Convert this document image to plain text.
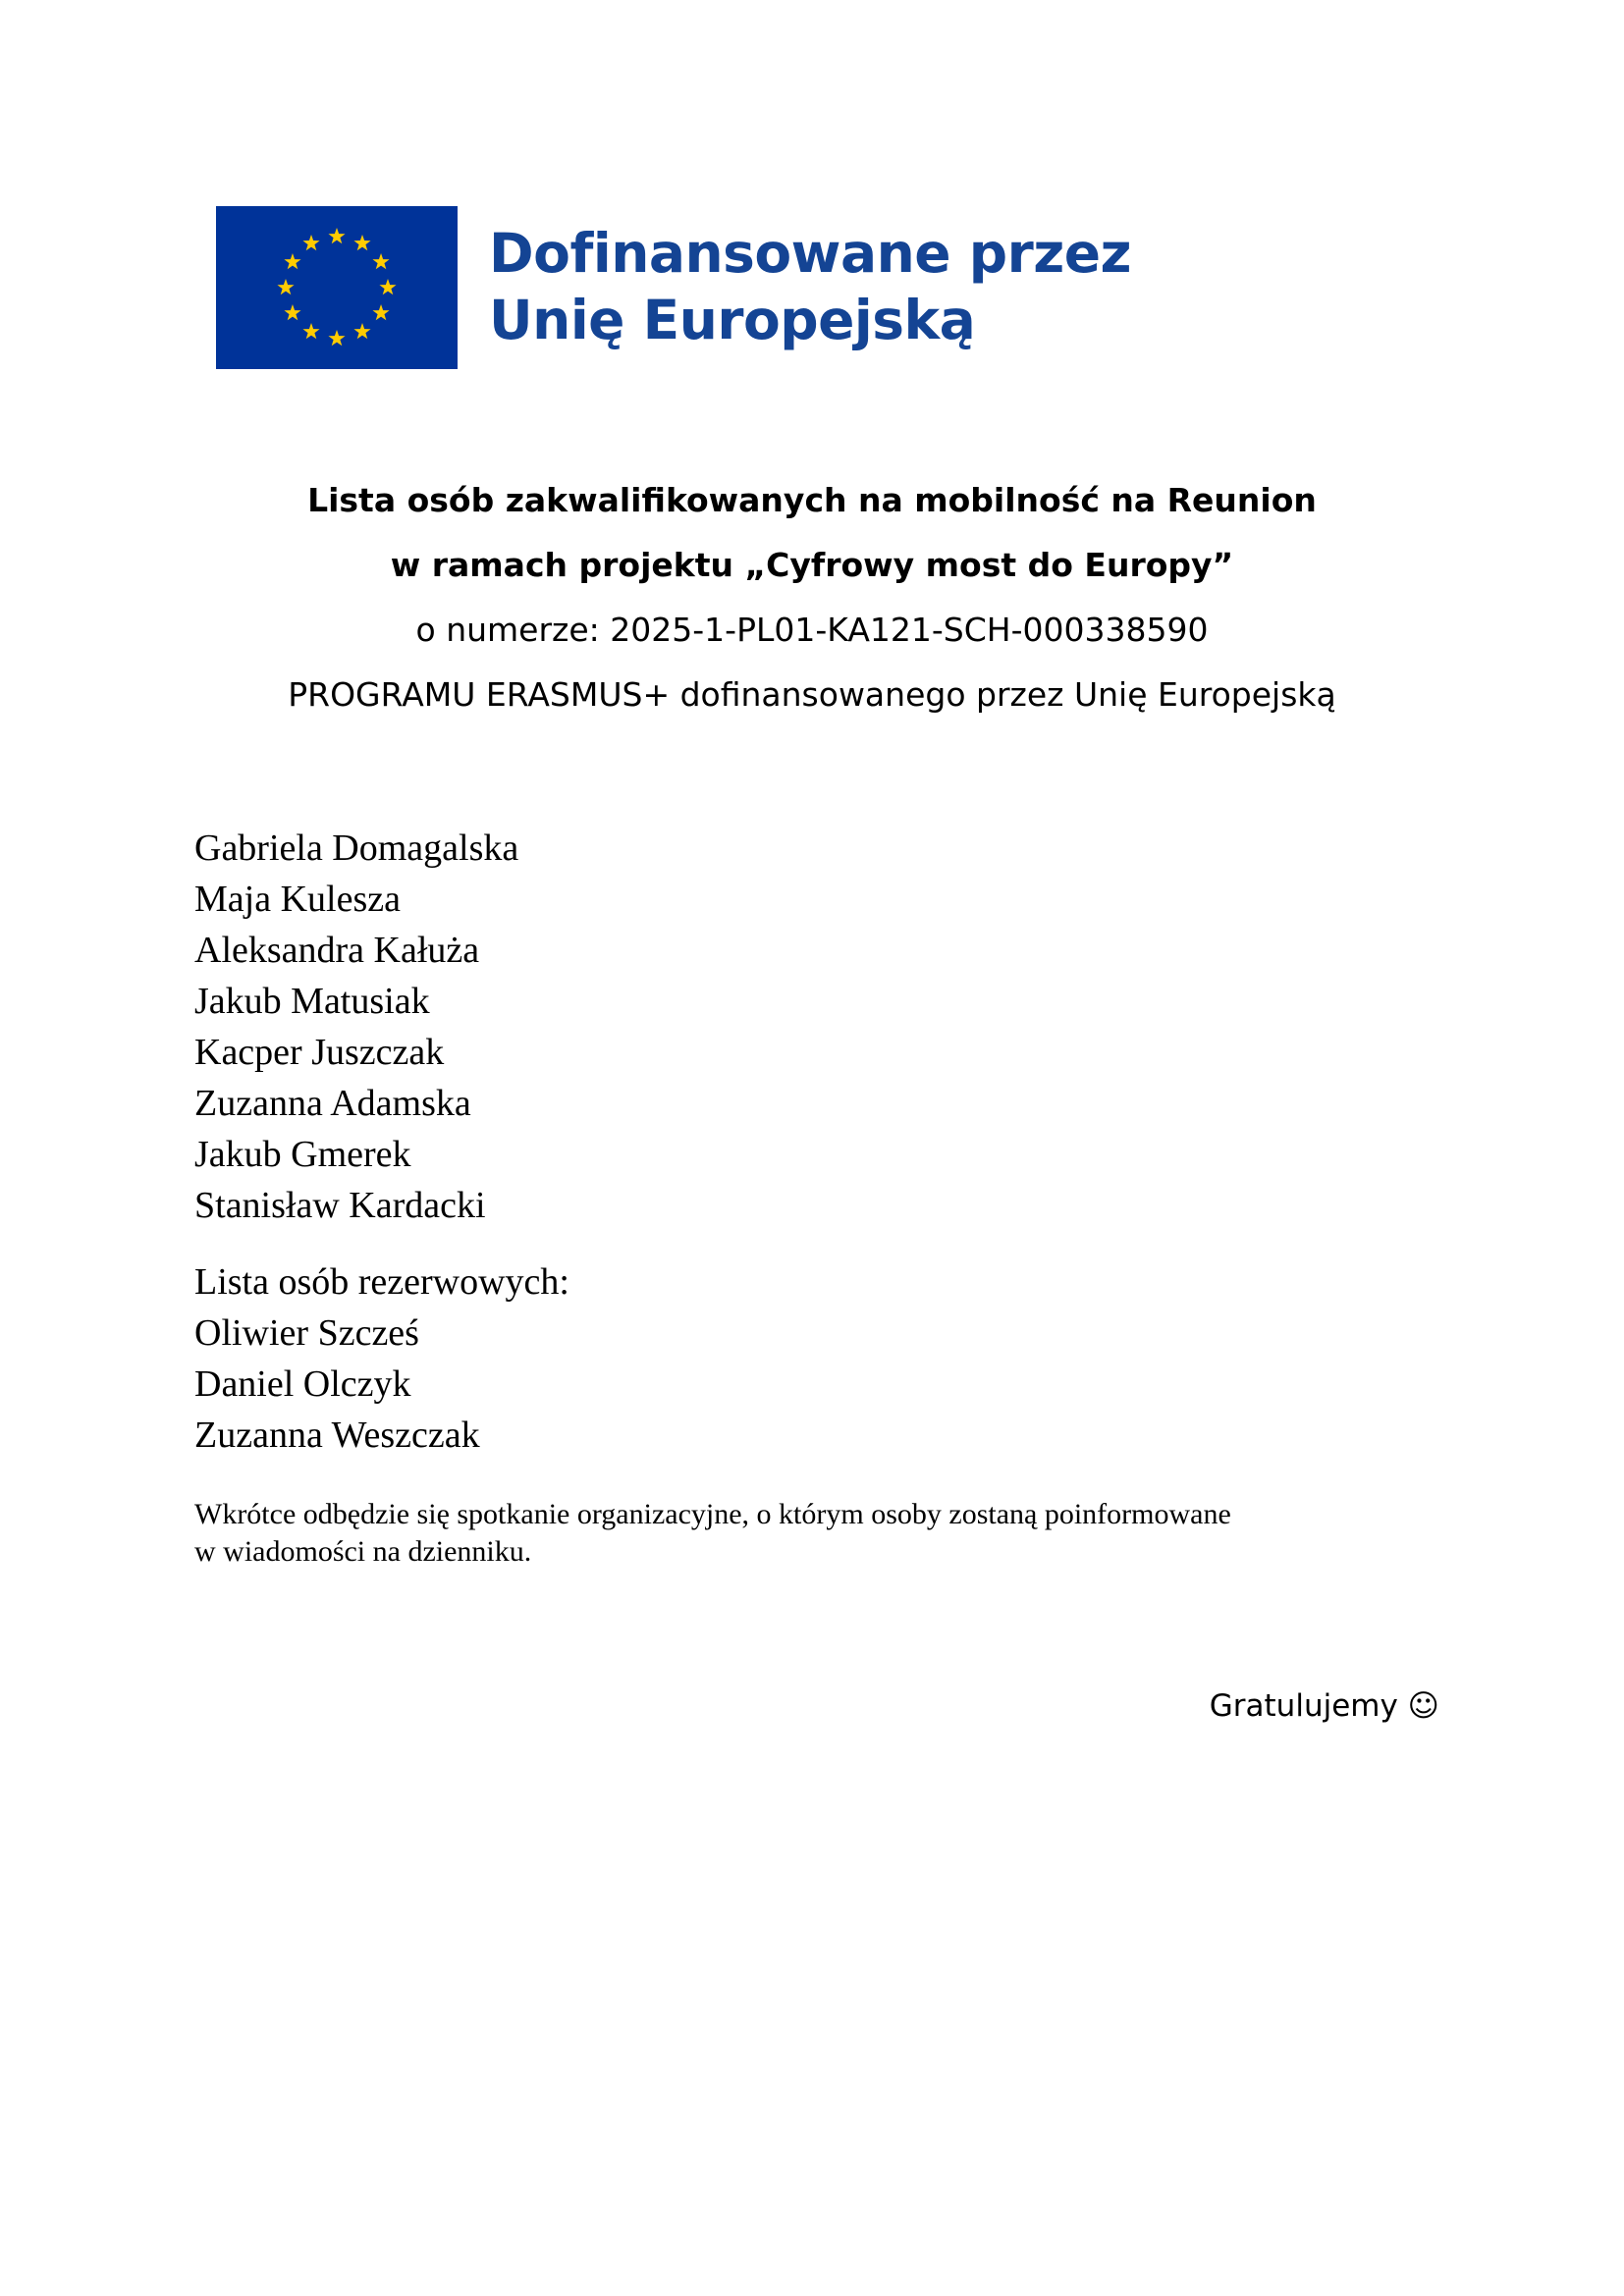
Dofinansowane przez
Unię Europejską
Lista osób zakwalifikowanych na mobilność na Reunion
w ramach projektu „Cyfrowy most do Europy”
o numerze: 2025-1-PL01-KA121-SCH-000338590
PROGRAMU ERASMUS+ dofinansowanego przez Unię Europejską
Gabriela Domagalska
Maja Kulesza
Aleksandra Kałuża
Jakub Matusiak
Kacper Juszczak
Zuzanna Adamska
Jakub Gmerek
Stanisław Kardacki
Lista osób rezerwowych:
Oliwier Szcześ
Daniel Olczyk
Zuzanna Weszczak
Wkrótce odbędzie się spotkanie organizacyjne, o którym osoby zostaną poinformowane
w wiadomości na dzienniku.
Gratulujemy ☺
